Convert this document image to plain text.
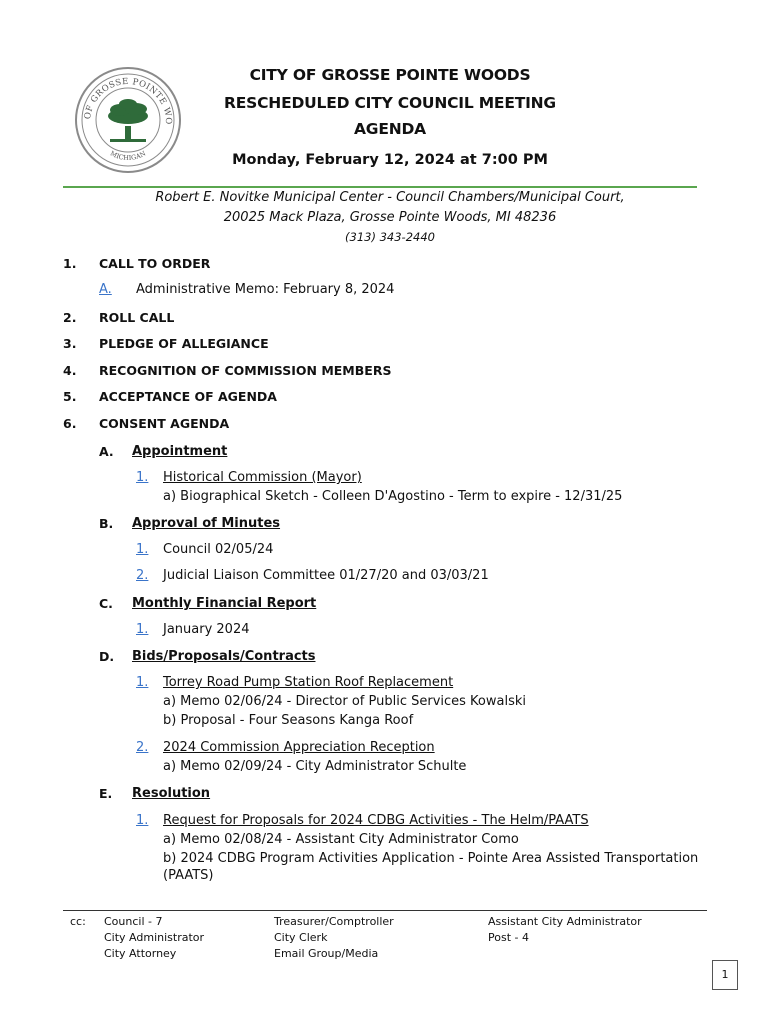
OF GROSSE POINTE WO
MICHIGAN
CITY OF GROSSE POINTE WOODS
RESCHEDULED CITY COUNCIL MEETING
AGENDA
Monday, February 12, 2024 at 7:00 PM
Robert E. Novitke Municipal Center - Council Chambers/Municipal Court,
20025 Mack Plaza, Grosse Pointe Woods, MI 48236
(313) 343-2440
1. CALL TO ORDER
A. Administrative Memo: February 8, 2024
2. ROLL CALL
3. PLEDGE OF ALLEGIANCE
4. RECOGNITION OF COMMISSION MEMBERS
5. ACCEPTANCE OF AGENDA
6. CONSENT AGENDA
A. Appointment
1. Historical Commission (Mayor)
a) Biographical Sketch - Colleen D'Agostino - Term to expire - 12/31/25
B. Approval of Minutes
1. Council 02/05/24
2. Judicial Liaison Committee 01/27/20 and 03/03/21
C. Monthly Financial Report
1. January 2024
D. Bids/Proposals/Contracts
1. Torrey Road Pump Station Roof Replacement
a) Memo 02/06/24 - Director of Public Services Kowalski
b) Proposal - Four Seasons Kanga Roof
2. 2024 Commission Appreciation Reception
a) Memo 02/09/24 - City Administrator Schulte
E. Resolution
1. Request for Proposals for 2024 CDBG Activities - The Helm/PAATS
a) Memo 02/08/24 - Assistant City Administrator Como
b) 2024 CDBG Program Activities Application - Pointe Area Assisted Transportation
(PAATS)
cc: Council - 7
City Administrator
City Attorney
Treasurer/Comptroller
City Clerk
Email Group/Media
Assistant City Administrator
Post - 4
1
